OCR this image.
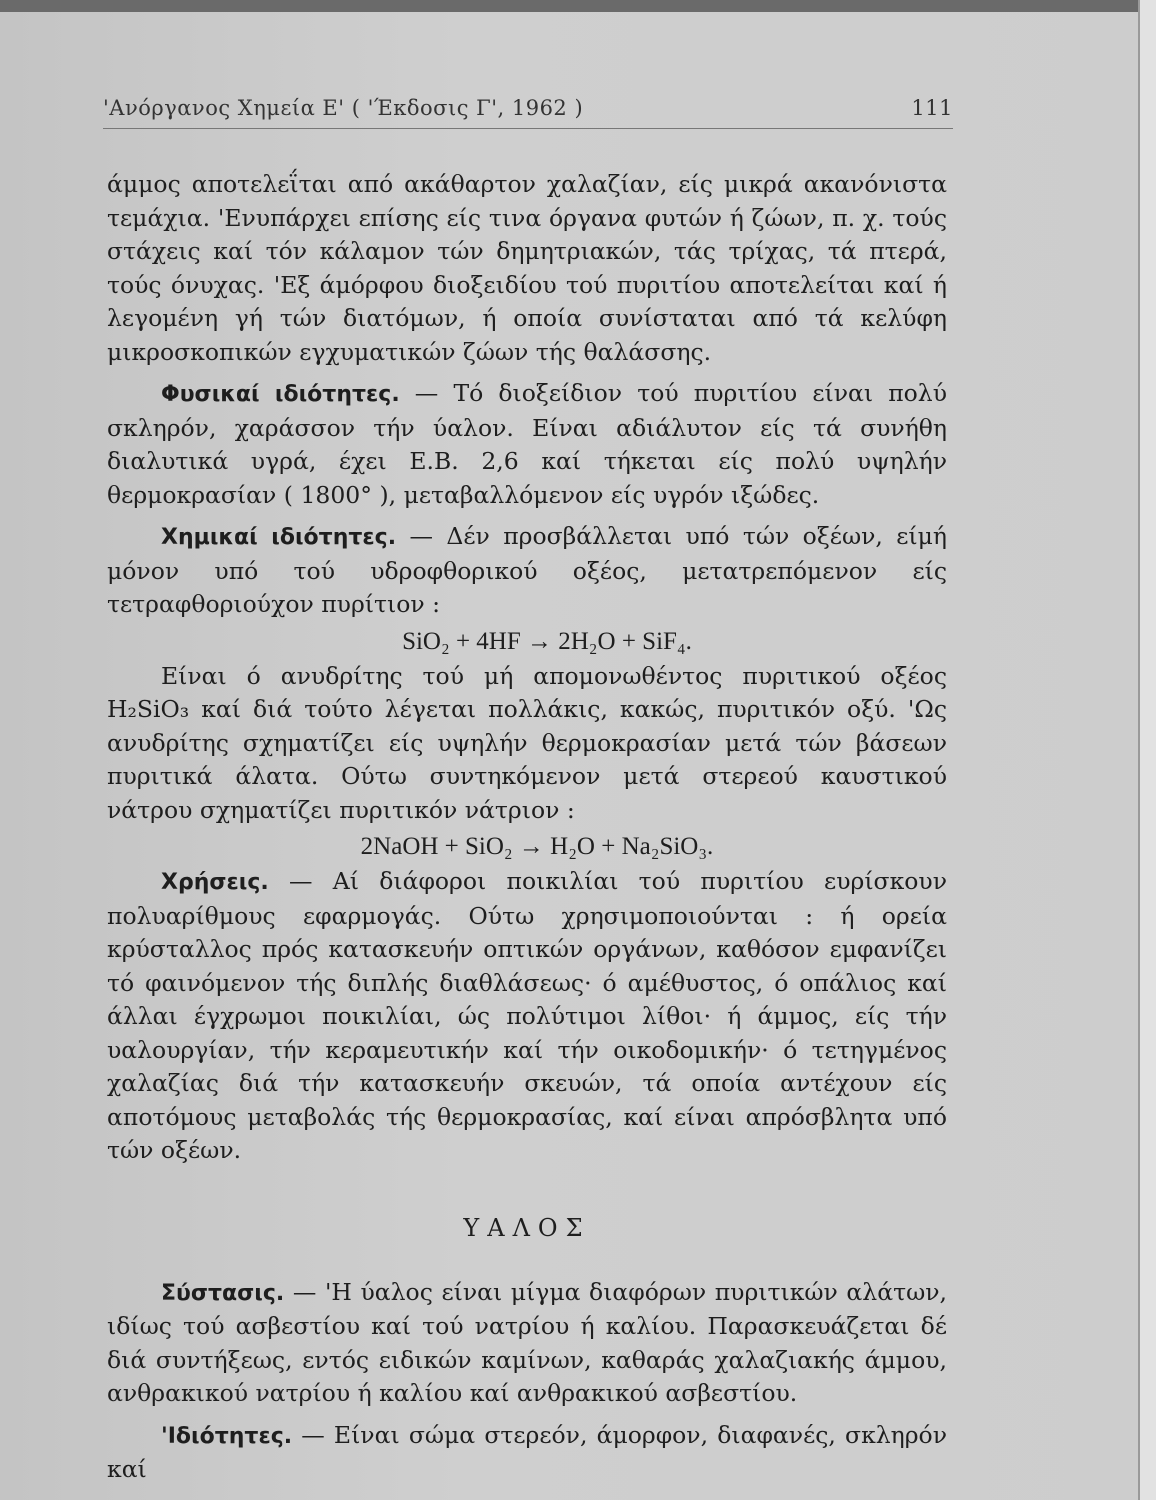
'Ανόργανος Χημεία Ε' ( 'Έκδοσις Γ', 1962 )	111

άμμος αποτελεΐται από ακάθαρτον χαλαζίαν, είς μικρά ακανόνιστα τεμάχια. 'Ενυπάρχει επίσης είς τινα όργανα φυτών ή ζώων, π. χ. τούς στάχεις καί τόν κάλαμον τών δημητριακών, τάς τρίχας, τά πτερά, τούς όνυχας. 'Εξ άμόρφου διοξειδίου τού πυριτίου αποτελείται καί ή λεγομένη γή τών διατόμων, ή οποία συνίσταται από τά κελύφη μικροσκοπικών εγχυματικών ζώων τής θαλάσσης.

Φυσικαί ιδιότητες. — Τό διοξείδιον τού πυριτίου είναι πολύ σκληρόν, χαράσσον τήν ύαλον. Είναι αδιάλυτον είς τά συνήθη διαλυτικά υγρά, έχει Ε.Β. 2,6 καί τήκεται είς πολύ υψηλήν θερμοκρασίαν ( 1800° ), μεταβαλλόμενον είς υγρόν ιξώδες.

Χημικαί ιδιότητες. — Δέν προσβάλλεται υπό τών οξέων, είμή μόνον υπό τού υδροφθορικού οξέος, μετατρεπόμενον είς τετραφθοριούχον πυρίτιον :

SiO₂ + 4HF → 2H₂O + SiF₄.

Είναι ό ανυδρίτης τού μή απομονωθέντος πυριτικού οξέος H₂SiO₃ καί διά τούτο λέγεται πολλάκις, κακώς, πυριτικόν οξύ. 'Ως ανυδρίτης σχηματίζει είς υψηλήν θερμοκρασίαν μετά τών βάσεων πυριτικά άλατα. Ούτω συντηκόμενον μετά στερεού καυστικού νάτρου σχηματίζει πυριτικόν νάτριον :

2NaOH + SiO₂ → H₂O + Na₂SiO₃.

Χρήσεις. — Αί διάφοροι ποικιλίαι τού πυριτίου ευρίσκουν πολυαρίθμους εφαρμογάς. Ούτω χρησιμοποιούνται : ή ορεία κρύσταλλος πρός κατασκευήν οπτικών οργάνων, καθόσον εμφανίζει τό φαινόμενον τής διπλής διαθλάσεως· ό αμέθυστος, ό οπάλιος καί άλλαι έγχρωμοι ποικιλίαι, ώς πολύτιμοι λίθοι· ή άμμος, είς τήν υαλουργίαν, τήν κεραμευτικήν καί τήν οικοδομικήν· ό τετηγμένος χαλαζίας διά τήν κατασκευήν σκευών, τά οποία αντέχουν είς αποτόμους μεταβολάς τής θερμοκρασίας, καί είναι απρόσβλητα υπό τών οξέων.

ΥΑΛΟΣ

Σύστασις. — 'Η ύαλος είναι μίγμα διαφόρων πυριτικών αλάτων, ιδίως τού ασβεστίου καί τού νατρίου ή καλίου. Παρασκευάζεται δέ διά συντήξεως, εντός ειδικών καμίνων, καθαράς χαλαζιακής άμμου, ανθρακικού νατρίου ή καλίου καί ανθρακικού ασβεστίου.

'Ιδιότητες. — Είναι σώμα στερεόν, άμορφον, διαφανές, σκληρόν καί
